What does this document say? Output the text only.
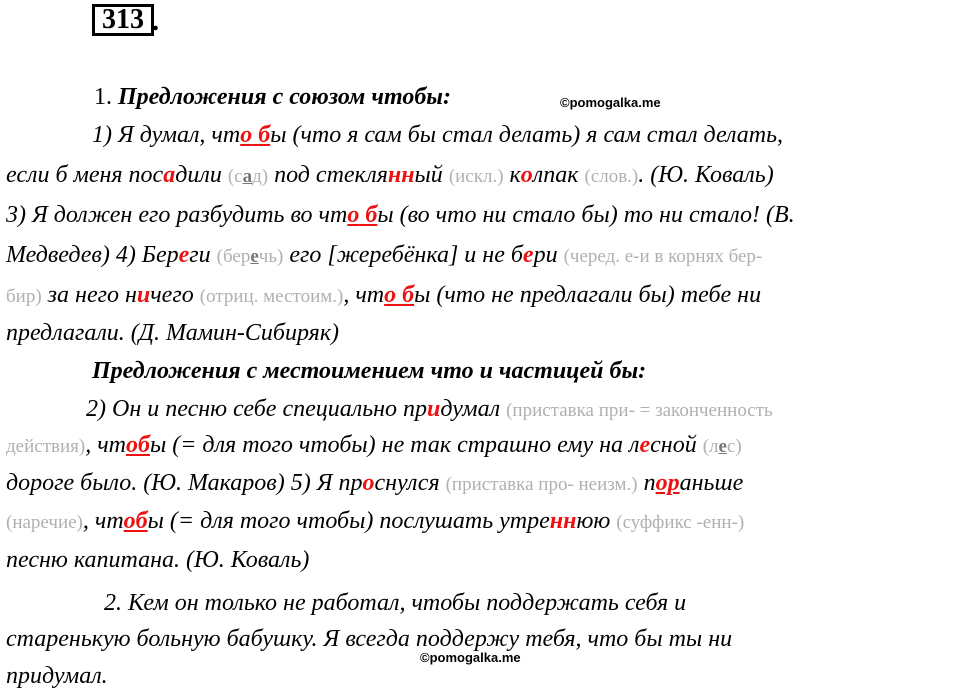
313 .
©pomogalka.me
1. Предложения с союзом чтобы:
1) Я думал, что бы (что я сам бы стал делать) я сам стал делать,
если б меня посадили (сад) под стеклянный (искл.) колпак (слов.). (Ю. Коваль)
3) Я должен его разбудить во что бы (во что ни стало бы) то ни стало! (В.
Медведев) 4) Береги (беречь) его [жеребёнка] и не бери (черед. е-и в корнях бер-
бир) за него ничего (отриц. местоим.), что бы (что не предлагали бы) тебе ни
предлагали. (Д. Мамин-Сибиряк)
Предложения с местоимением что и частицей бы:
2) Он и песню себе специально придумал (приставка при- = законченность
действия), чтобы (= для того чтобы) не так страшно ему на лесной (лес)
дороге было. (Ю. Макаров) 5) Я проснулся (приставка про- неизм.) пораньше
(наречие), чтобы (= для того чтобы) послушать утреннюю (суффикс -енн-)
песню капитана. (Ю. Коваль)
2. Кем он только не работал, чтобы поддержать себя и
старенькую больную бабушку. Я всегда поддержу тебя, что бы ты ни
©pomogalka.me
придумал.
